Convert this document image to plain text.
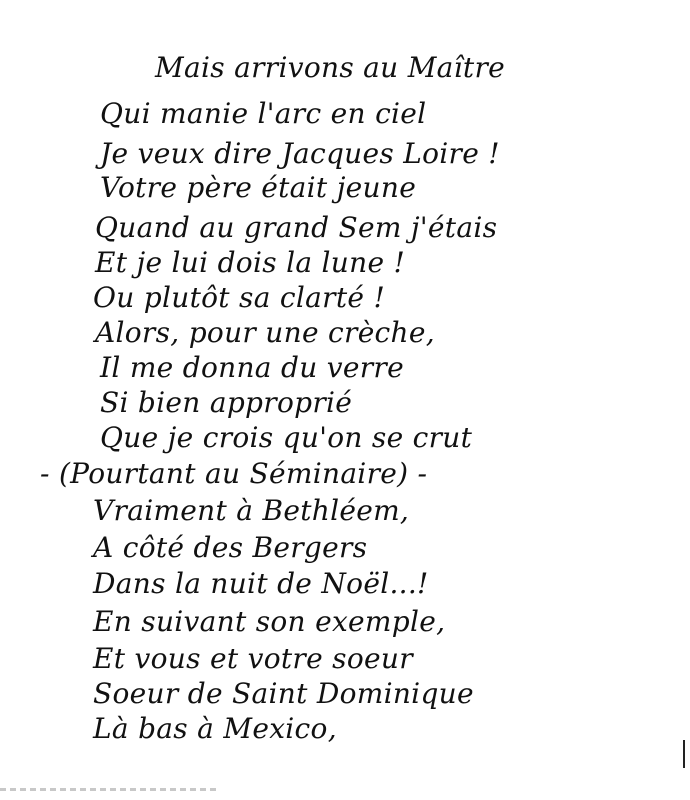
Mais arrivons au Maître
Qui manie l'arc en ciel
Je veux dire Jacques Loire !
Votre père était jeune
Quand au grand Sem j'étais
Et je lui dois la lune !
Ou plutôt sa clarté !
Alors, pour une crèche,
Il me donna du verre
Si bien approprié
Que je crois qu'on se crut
- (Pourtant au Séminaire) -
Vraiment à Bethléem,
A côté des Bergers
Dans la nuit de Noël...!
En suivant son exemple,
Et vous et votre soeur
Soeur de Saint Dominique
Là bas à Mexico,
